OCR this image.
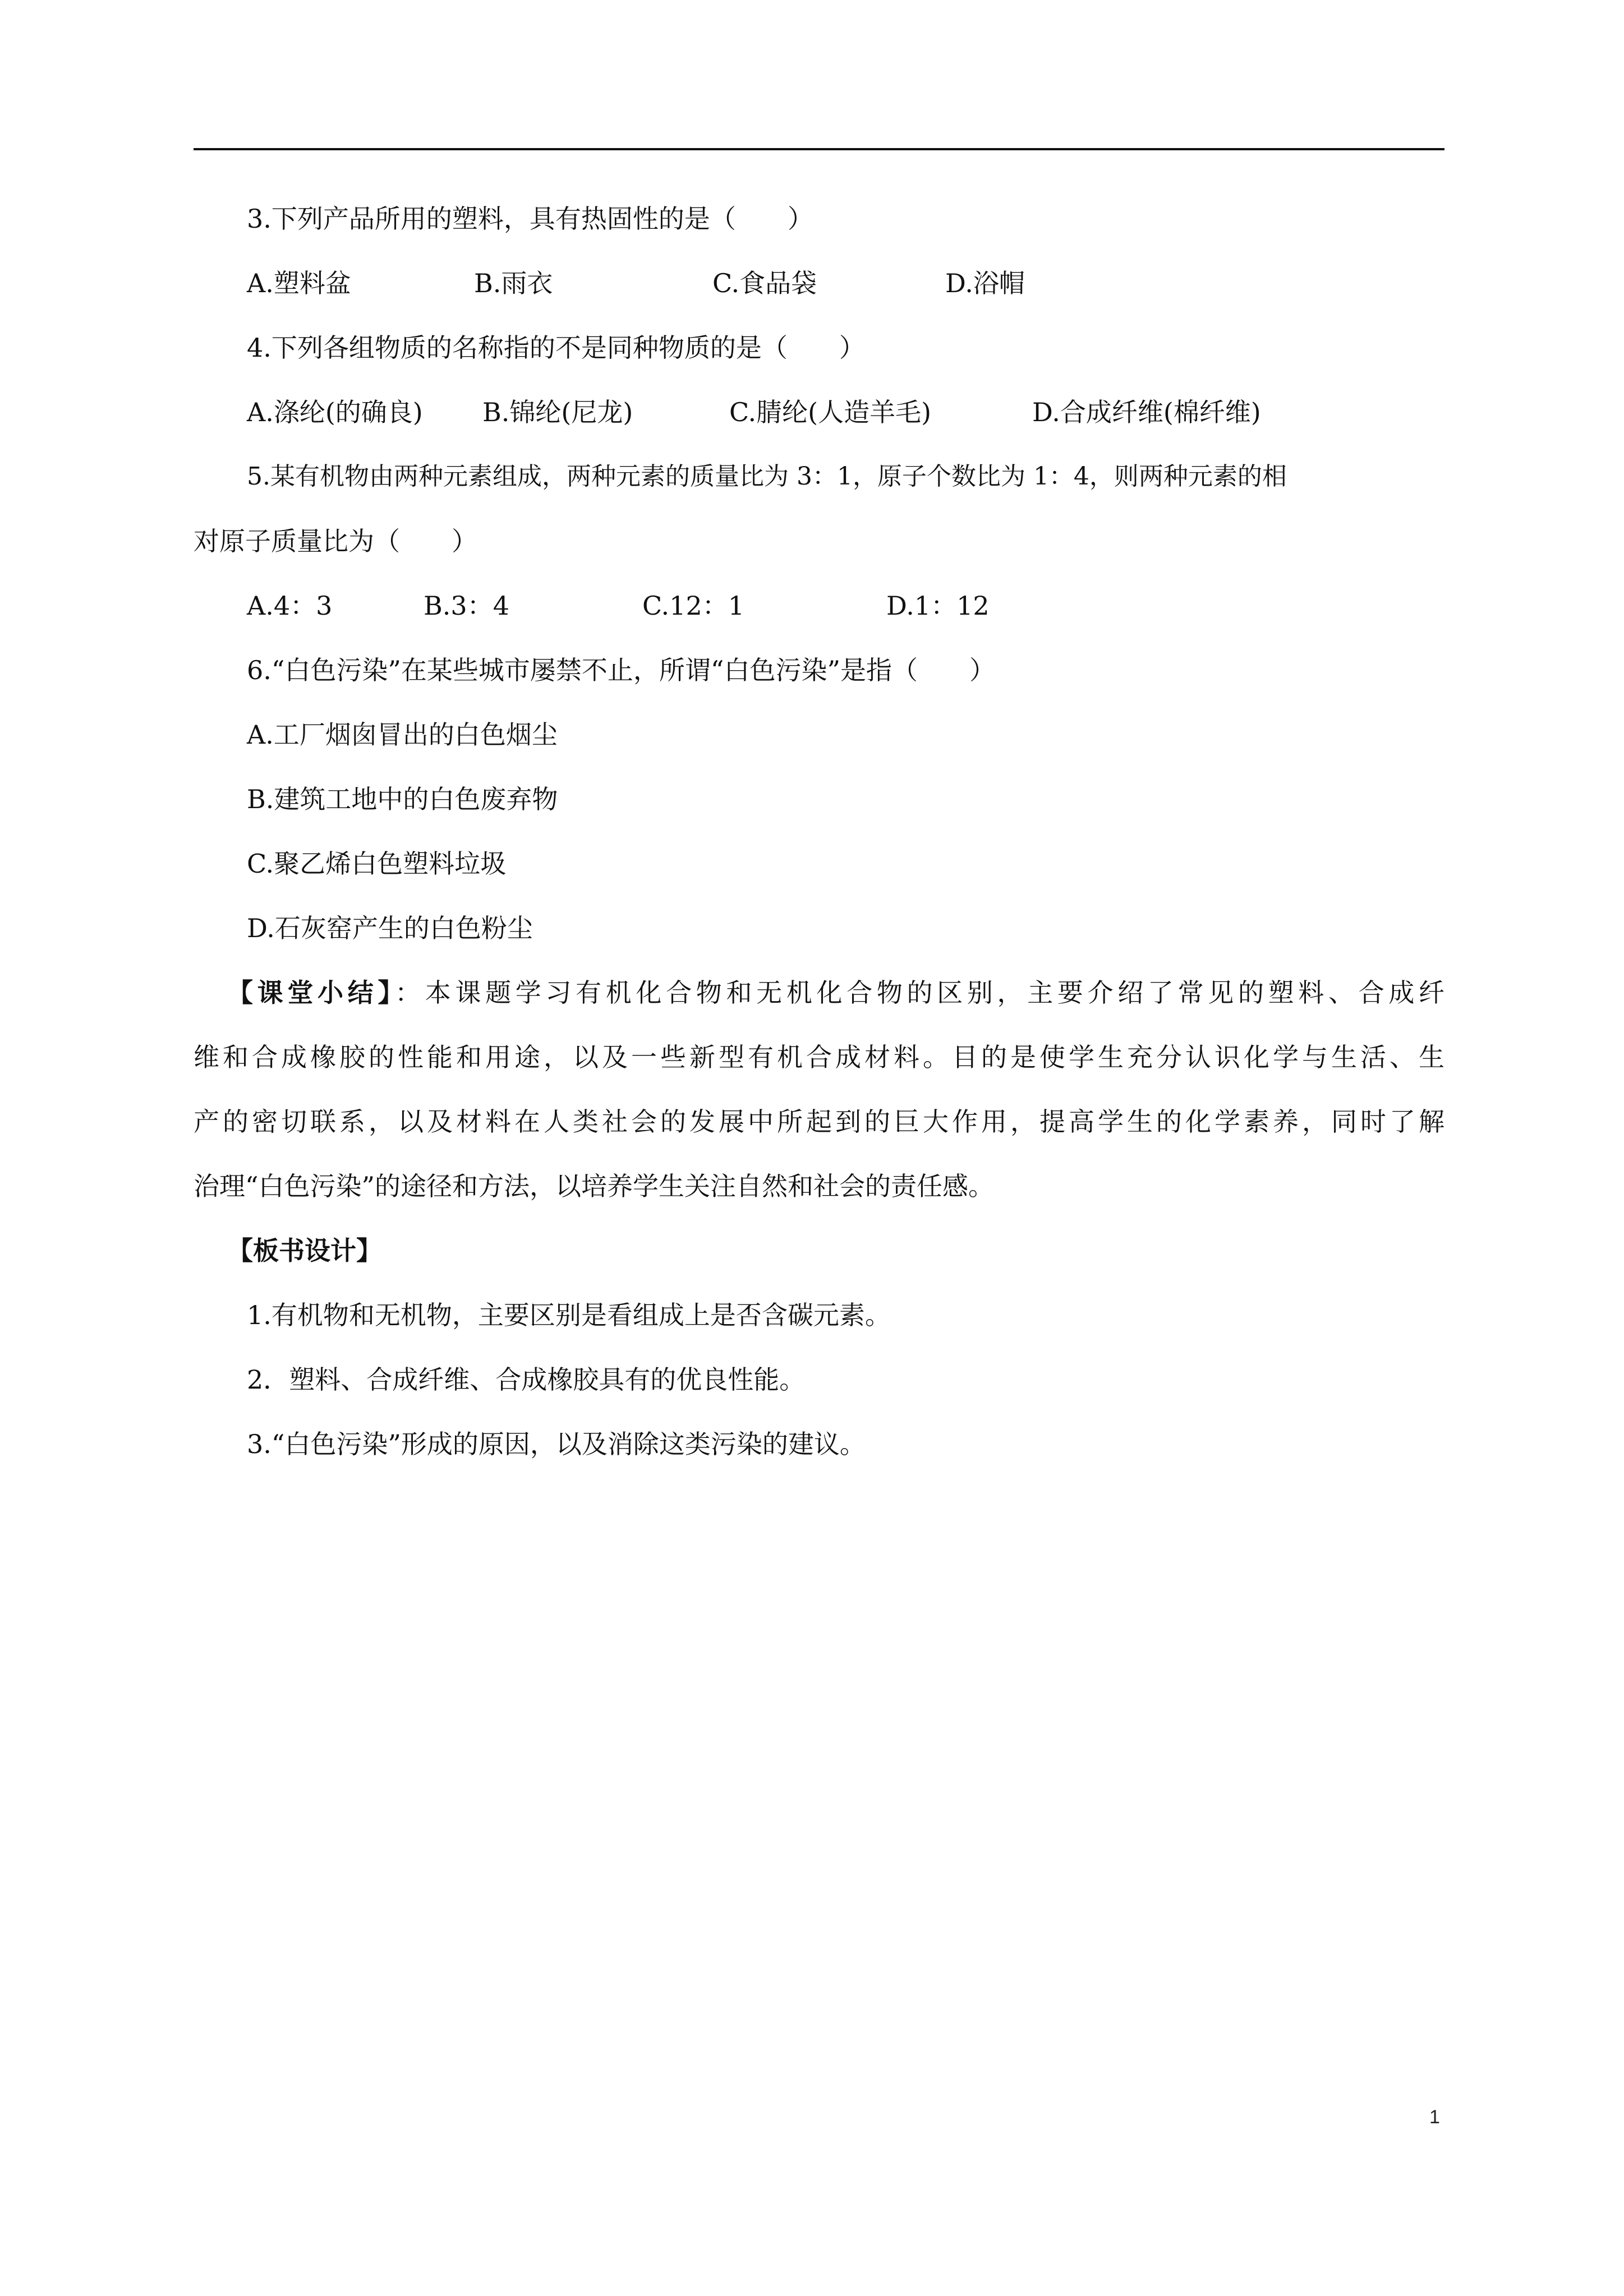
3.下列产品所用的塑料，具有热固性的是（　　）
A.塑料盆	B.雨衣	C.食品袋	D.浴帽
4.下列各组物质的名称指的不是同种物质的是（　　）
A.涤纶(的确良) B.锦纶(尼龙)	C.腈纶(人造羊毛)	D.合成纤维(棉纤维)
5.某有机物由两种元素组成，两种元素的质量比为 3：1，原子个数比为 1：4，则两种元素的相
对原子质量比为（　　）
A.4：3	B.3：4	C.12：1	D.1：12
6.“白色污染”在某些城市屡禁不止，所谓“白色污染”是指（　　）
A.工厂烟囱冒出的白色烟尘
B.建筑工地中的白色废弃物
C.聚乙烯白色塑料垃圾
D.石灰窑产生的白色粉尘
【课堂小结】：本课题学习有机化合物和无机化合物的区别，主要介绍了常见的塑料、合成纤
维和合成橡胶的性能和用途，以及一些新型有机合成材料。目的是使学生充分认识化学与生活、生
产的密切联系，以及材料在人类社会的发展中所起到的巨大作用，提高学生的化学素养，同时了解
治理“白色污染”的途径和方法，以培养学生关注自然和社会的责任感。
【板书设计】
1.有机物和无机物，主要区别是看组成上是否含碳元素。
2．塑料、合成纤维、合成橡胶具有的优良性能。
3.“白色污染”形成的原因，以及消除这类污染的建议。
1
